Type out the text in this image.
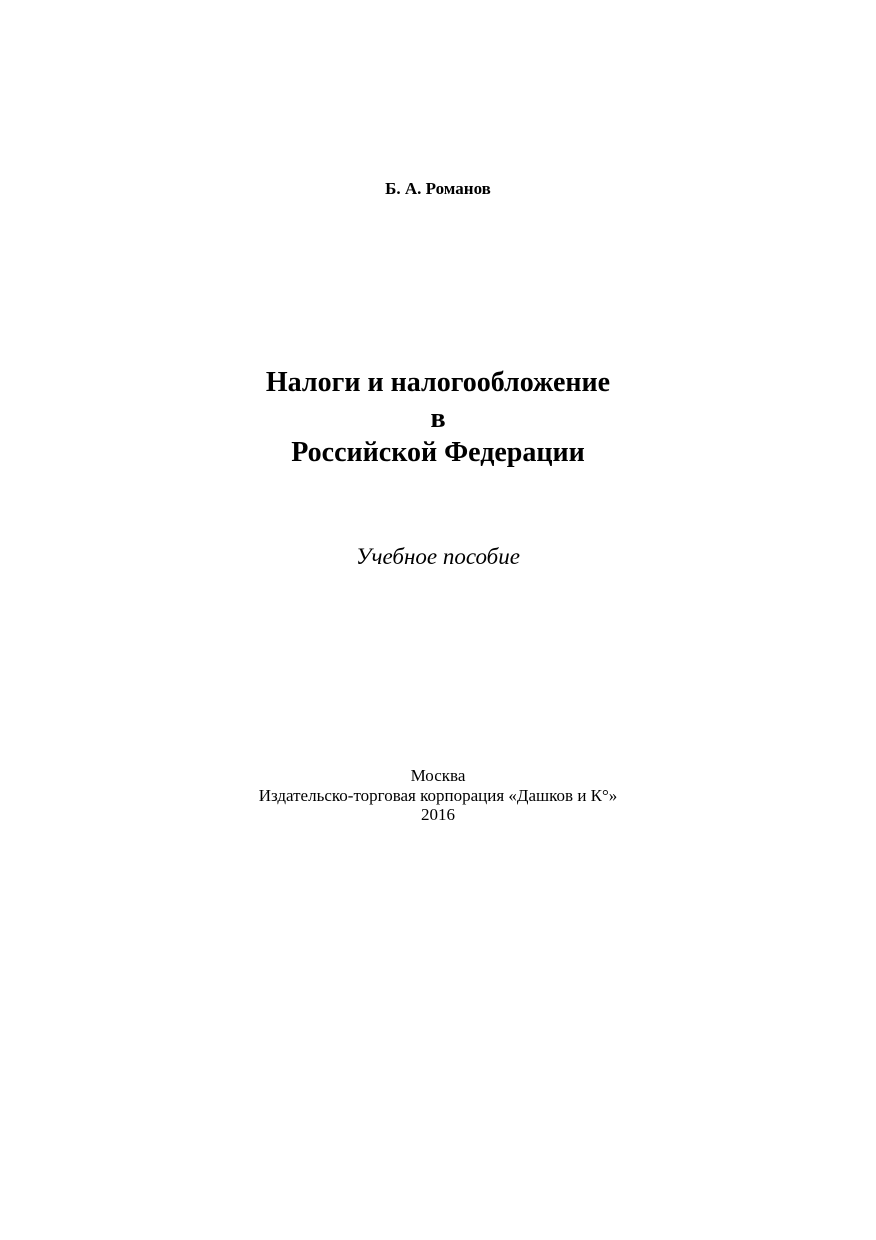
Б. А. Романов
Налоги и налогообложение
в
Российской Федерации
Учебное пособие
Москва
Издательско-торговая корпорация «Дашков и К°»
2016
